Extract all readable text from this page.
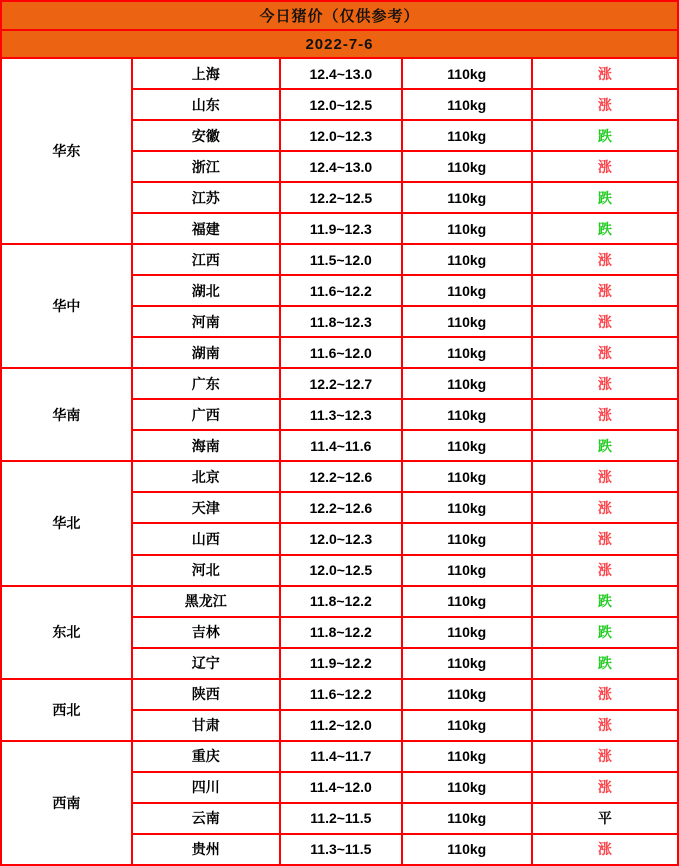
今日猪价（仅供参考）
2022-7-6
华东	上海	12.4~13.0	110kg	涨
	山东	12.0~12.5	110kg	涨
	安徽	12.0~12.3	110kg	跌
	浙江	12.4~13.0	110kg	涨
	江苏	12.2~12.5	110kg	跌
	福建	11.9~12.3	110kg	跌
华中	江西	11.5~12.0	110kg	涨
	湖北	11.6~12.2	110kg	涨
	河南	11.8~12.3	110kg	涨
	湖南	11.6~12.0	110kg	涨
华南	广东	12.2~12.7	110kg	涨
	广西	11.3~12.3	110kg	涨
	海南	11.4~11.6	110kg	跌
华北	北京	12.2~12.6	110kg	涨
	天津	12.2~12.6	110kg	涨
	山西	12.0~12.3	110kg	涨
	河北	12.0~12.5	110kg	涨
东北	黑龙江	11.8~12.2	110kg	跌
	吉林	11.8~12.2	110kg	跌
	辽宁	11.9~12.2	110kg	跌
西北	陕西	11.6~12.2	110kg	涨
	甘肃	11.2~12.0	110kg	涨
西南	重庆	11.4~11.7	110kg	涨
	四川	11.4~12.0	110kg	涨
	云南	11.2~11.5	110kg	平
	贵州	11.3~11.5	110kg	涨
